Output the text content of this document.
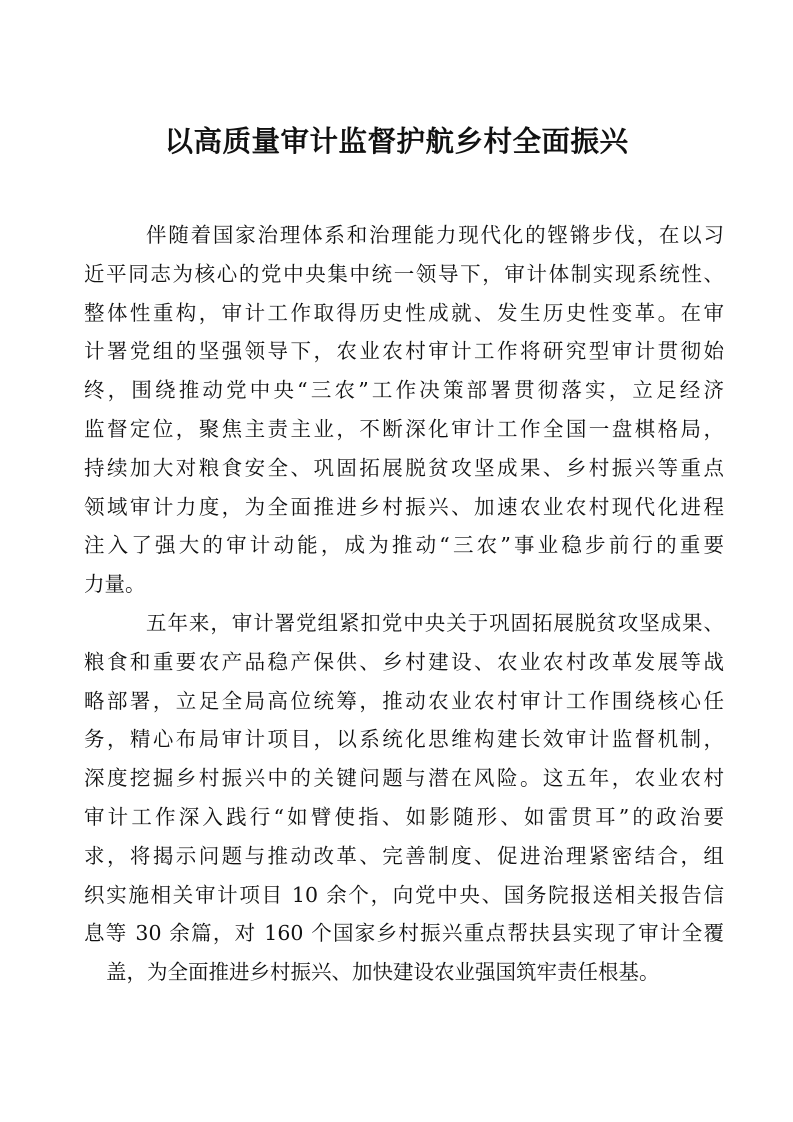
以高质量审计监督护航乡村全面振兴
伴随着国家治理体系和治理能力现代化的铿锵步伐，在以习
近平同志为核心的党中央集中统一领导下，审计体制实现系统性、
整体性重构，审计工作取得历史性成就、发生历史性变革。在审
计署党组的坚强领导下，农业农村审计工作将研究型审计贯彻始
终，围绕推动党中央“三农”工作决策部署贯彻落实，立足经济
监督定位，聚焦主责主业，不断深化审计工作全国一盘棋格局，
持续加大对粮食安全、巩固拓展脱贫攻坚成果、乡村振兴等重点
领域审计力度，为全面推进乡村振兴、加速农业农村现代化进程
注入了强大的审计动能，成为推动“三农”事业稳步前行的重要
力量。
五年来，审计署党组紧扣党中央关于巩固拓展脱贫攻坚成果、
粮食和重要农产品稳产保供、乡村建设、农业农村改革发展等战
略部署，立足全局高位统筹，推动农业农村审计工作围绕核心任
务，精心布局审计项目，以系统化思维构建长效审计监督机制，
深度挖掘乡村振兴中的关键问题与潜在风险。这五年，农业农村
审计工作深入践行“如臂使指、如影随形、如雷贯耳”的政治要
求，将揭示问题与推动改革、完善制度、促进治理紧密结合，组
织实施相关审计项目 10 余个，向党中央、国务院报送相关报告信
息等 30 余篇，对 160 个国家乡村振兴重点帮扶县实现了审计全覆
盖，为全面推进乡村振兴、加快建设农业强国筑牢责任根基。
